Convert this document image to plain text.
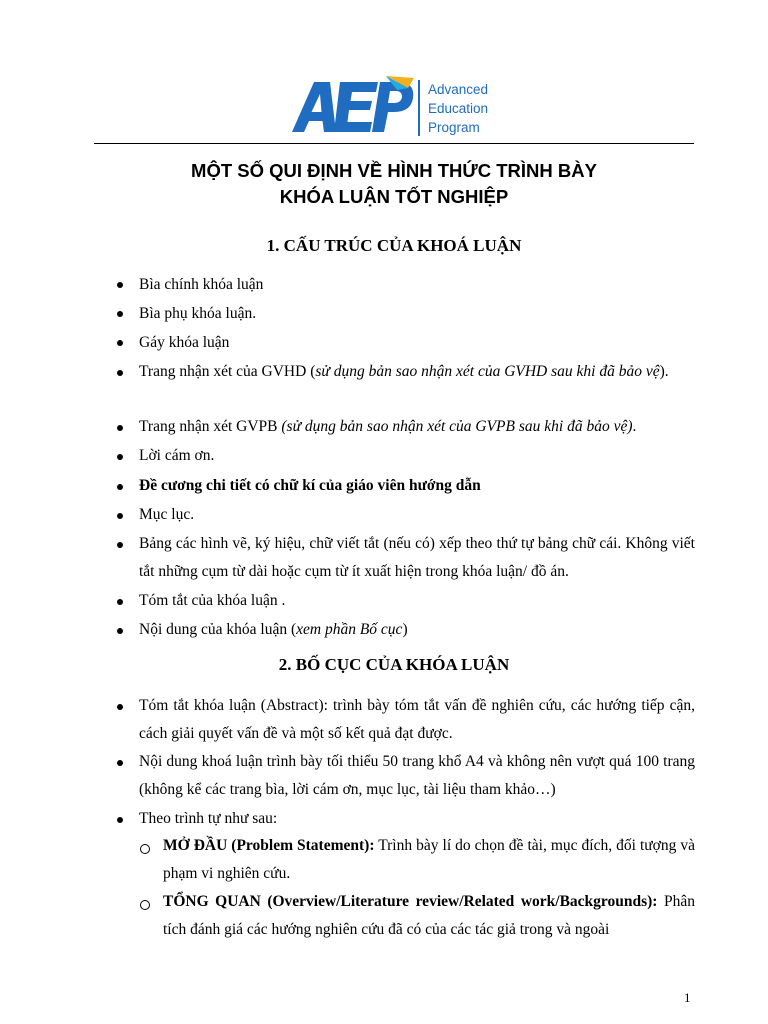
Advanced
Education
Program
MỘT SỐ QUI ĐỊNH VỀ HÌNH THỨC TRÌNH BÀY
KHÓA LUẬN TỐT NGHIỆP
1. CẤU TRÚC CỦA KHOÁ LUẬN
Bìa chính khóa luận
Bìa phụ khóa luận.
Gáy khóa luận
Trang nhận xét của GVHD (sử dụng bản sao nhận xét của GVHD sau khi đã bảo vệ).
Trang nhận xét GVPB (sử dụng bản sao nhận xét của GVPB sau khi đã bảo vệ).
Lời cám ơn.
Đề cương chi tiết có chữ kí của giáo viên hướng dẫn
Mục lục.
Bảng các hình vẽ, ký hiệu, chữ viết tắt (nếu có) xếp theo thứ tự bảng chữ cái. Không viết tắt những cụm từ dài hoặc cụm từ ít xuất hiện trong khóa luận/ đồ án.
Tóm tắt của khóa luận .
Nội dung của khóa luận (xem phần Bố cục)
2. BỐ CỤC CỦA KHÓA LUẬN
Tóm tắt khóa luận (Abstract): trình bày tóm tắt vấn đề nghiên cứu, các hướng tiếp cận, cách giải quyết vấn đề và một số kết quả đạt được.
Nội dung khoá luận trình bày tối thiểu 50 trang khổ A4 và không nên vượt quá 100 trang (không kể các trang bìa, lời cám ơn, mục lục, tài liệu tham khảo…)
Theo trình tự như sau:
MỞ ĐẦU (Problem Statement): Trình bày lí do chọn đề tài, mục đích, đối tượng và phạm vi nghiên cứu.
TỔNG QUAN (Overview/Literature review/Related work/Backgrounds): Phân tích đánh giá các hướng nghiên cứu đã có của các tác giả trong và ngoài
1
